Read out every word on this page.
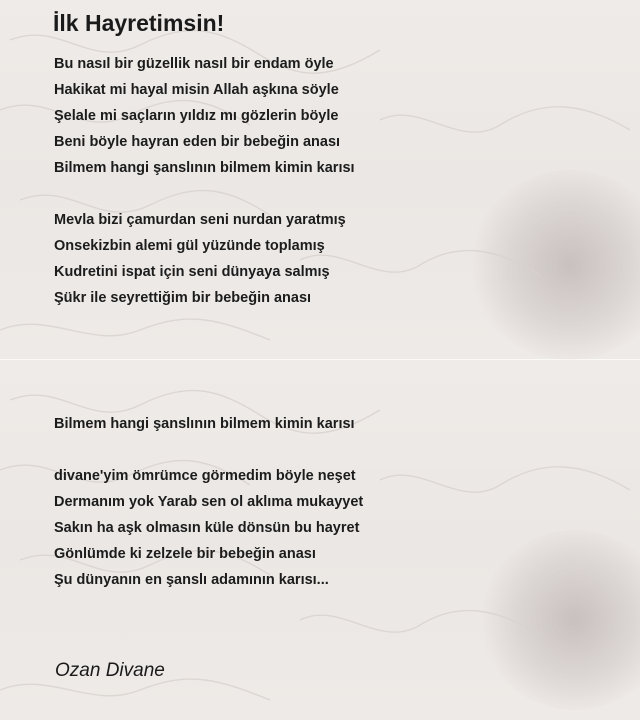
İlk Hayretimsin!
Bu nasıl bir güzellik nasıl bir endam öyle
Hakikat mi hayal misin Allah aşkına söyle
Şelale mi saçların yıldız mı gözlerin böyle
Beni böyle hayran eden bir bebeğin anası
Bilmem hangi şanslının bilmem kimin karısı
Mevla bizi çamurdan seni nurdan yaratmış
Onsekizbin alemi gül yüzünde toplamış
Kudretini ispat için seni dünyaya salmış
Şükr ile seyrettiğim bir bebeğin anası
Bilmem hangi şanslının bilmem kimin karısı
divane'yim ömrümce görmedim böyle neşet
Dermanım yok Yarab sen ol aklıma mukayyet
Sakın ha aşk olmasın küle dönsün bu hayret
Gönlümde ki zelzele bir bebeğin anası
Şu dünyanın en şanslı adamının karısı...
Ozan Divane
